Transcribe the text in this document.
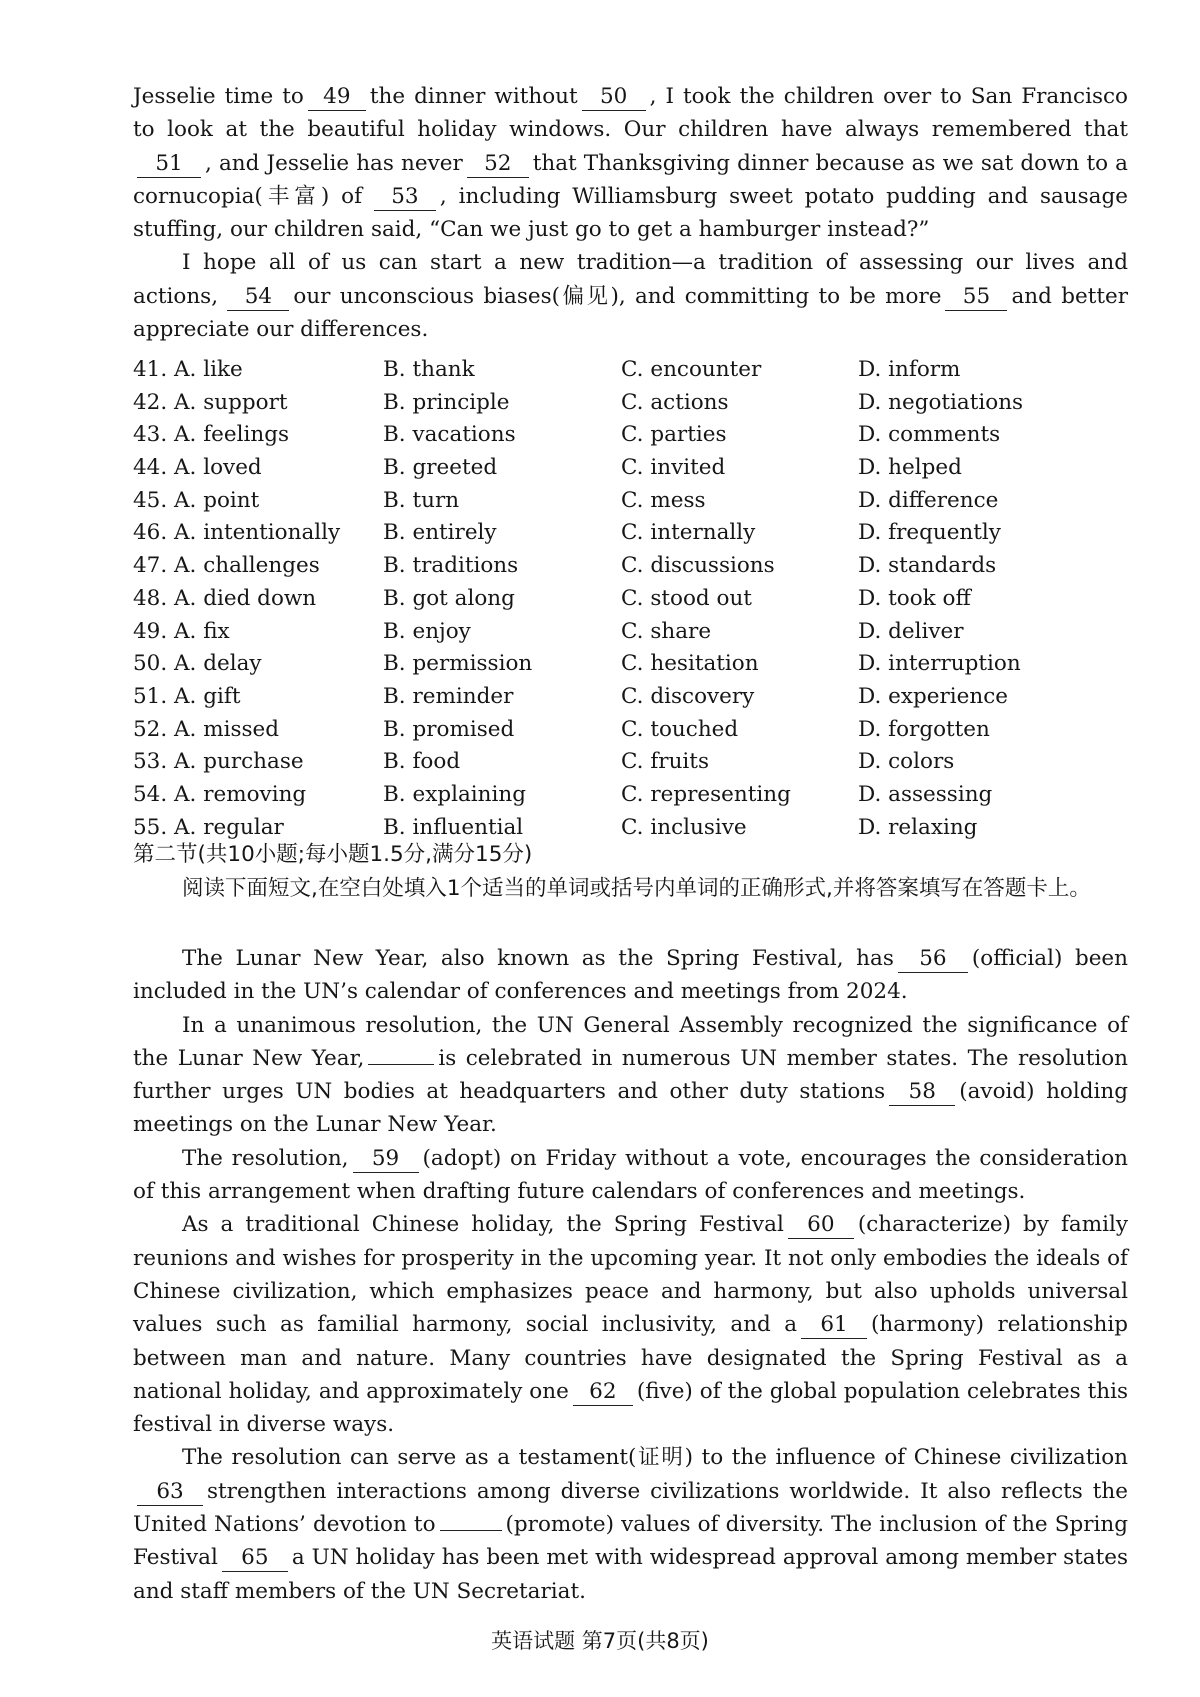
Jesselie time to 49 the dinner without 50 , I took the children over to San Francisco to look at the beautiful holiday windows. Our children have always remembered that51 , and Jesselie has never 52 that Thanksgiving dinner because as we sat down to a cornucopia(丰富) of 53 , including Williamsburg sweet potato pudding and sausage stuffing, our children said, “Can we just go to get a hamburger instead?”

I hope all of us can start a new tradition—a tradition of assessing our lives and actions, 54 our unconscious biases(偏见), and committing to be more 55 and better appreciate our differences.

41. A. like	B. thank	C. encounter	D. inform
42. A. support	B. principle	C. actions	D. negotiations
43. A. feelings	B. vacations	C. parties	D. comments
44. A. loved	B. greeted	C. invited	D. helped
45. A. point	B. turn	C. mess	D. difference
46. A. intentionally B. entirely	C. internally	D. frequently
47. A. challenges	B. traditions	C. discussions	D. standards
48. A. died down	B. got along	C. stood out	D. took off
49. A. fix	B. enjoy	C. share	D. deliver
50. A. delay	B. permission	C. hesitation	D. interruption
51. A. gift	B. reminder	C. discovery	D. experience
52. A. missed	B. promised	C. touched	D. forgotten
53. A. purchase	B. food	C. fruits	D. colors
54. A. removing	B. explaining	C. representing	D. assessing
55. A. regular	B. influential	C. inclusive	D. relaxing
第二节(共10小题;每小题1.5分,满分15分)
阅读下面短文,在空白处填入1个适当的单词或括号内单词的正确形式,并将答案填写在答题卡上。

The Lunar New Year, also known as the Spring Festival, has 56 (official) been included in the UN’s calendar of conferences and meetings from 2024.

In a unanimous resolution, the UN General Assembly recognized the significance of the Lunar New Year,	is celebrated in numerous UN member states. The resolution further urges UN bodies at headquarters and other duty stations 58 (avoid) holding meetings on the Lunar New Year.

The resolution, 59 (adopt) on Friday without a vote, encourages the consideration of this arrangement when drafting future calendars of conferences and meetings.

As a traditional Chinese holiday, the Spring Festival 60 (characterize) by family reunions and wishes for prosperity in the upcoming year. It not only embodies the ideals of Chinese civilization, which emphasizes peace and harmony, but also upholds universal values such as familial harmony, social inclusivity, and a 61 (harmony) relationship between man and nature. Many countries have designated the Spring Festival as a national holiday, and approximately one 62 (five) of the global population celebrates this festival in diverse ways.

The resolution can serve as a testament(证明) to the influence of Chinese civilization63 strengthen interactions among diverse civilizations worldwide. It also reflects the United Nations’ devotion to	(promote) values of diversity. The inclusion of the Spring Festival 65 a UN holiday has been met with widespread approval among member states and staff members of the UN Secretariat.

英语试题 第7页(共8页)
